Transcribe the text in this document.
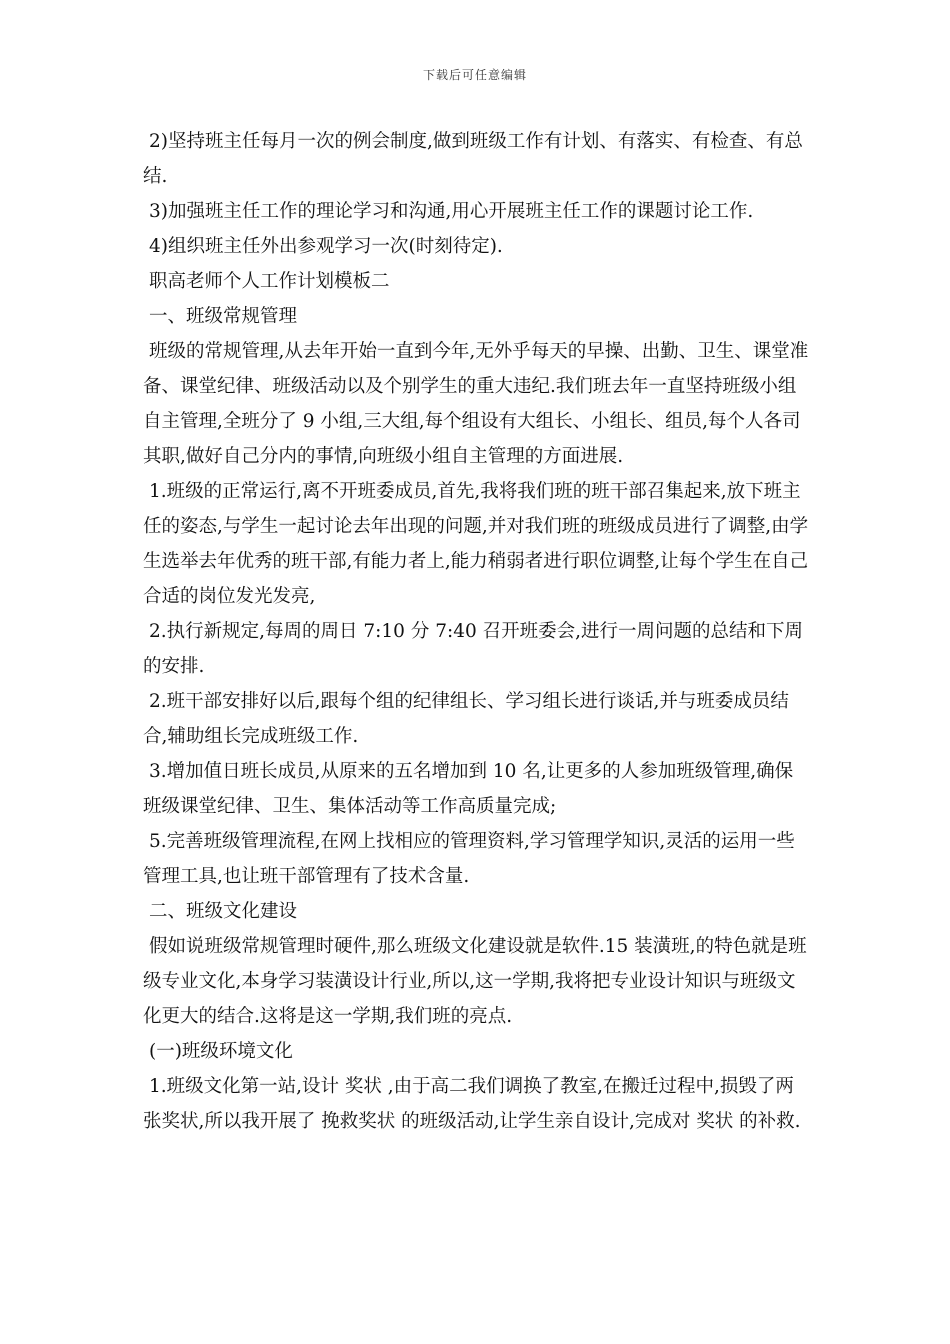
下载后可任意编辑

2)坚持班主任每月一次的例会制度,做到班级工作有计划、有落实、有检查、有总结.

3)加强班主任工作的理论学习和沟通,用心开展班主任工作的课题讨论工作.

4)组织班主任外出参观学习一次(时刻待定).

职高老师个人工作计划模板二

一、班级常规管理

班级的常规管理,从去年开始一直到今年,无外乎每天的早操、出勤、卫生、课堂准备、课堂纪律、班级活动以及个别学生的重大违纪.我们班去年一直坚持班级小组自主管理,全班分了 9 小组,三大组,每个组设有大组长、小组长、组员,每个人各司其职,做好自己分内的事情,向班级小组自主管理的方面进展.

1.班级的正常运行,离不开班委成员,首先,我将我们班的班干部召集起来,放下班主任的姿态,与学生一起讨论去年出现的问题,并对我们班的班级成员进行了调整,由学生选举去年优秀的班干部,有能力者上,能力稍弱者进行职位调整,让每个学生在自己合适的岗位发光发亮,

2.执行新规定,每周的周日 7:10 分 7:40 召开班委会,进行一周问题的总结和下周的安排.

2.班干部安排好以后,跟每个组的纪律组长、学习组长进行谈话,并与班委成员结合,辅助组长完成班级工作.

3.增加值日班长成员,从原来的五名增加到 10 名,让更多的人参加班级管理,确保班级课堂纪律、卫生、集体活动等工作高质量完成;

5.完善班级管理流程,在网上找相应的管理资料,学习管理学知识,灵活的运用一些管理工具,也让班干部管理有了技术含量.

二、班级文化建设

假如说班级常规管理时硬件,那么班级文化建设就是软件.15 装潢班,的特色就是班级专业文化,本身学习装潢设计行业,所以,这一学期,我将把专业设计知识与班级文化更大的结合.这将是这一学期,我们班的亮点.

(一)班级环境文化

1.班级文化第一站,设计 奖状 ,由于高二我们调换了教室,在搬迁过程中,损毁了两张奖状,所以我开展了 挽救奖状 的班级活动,让学生亲自设计,完成对 奖状 的补救.
